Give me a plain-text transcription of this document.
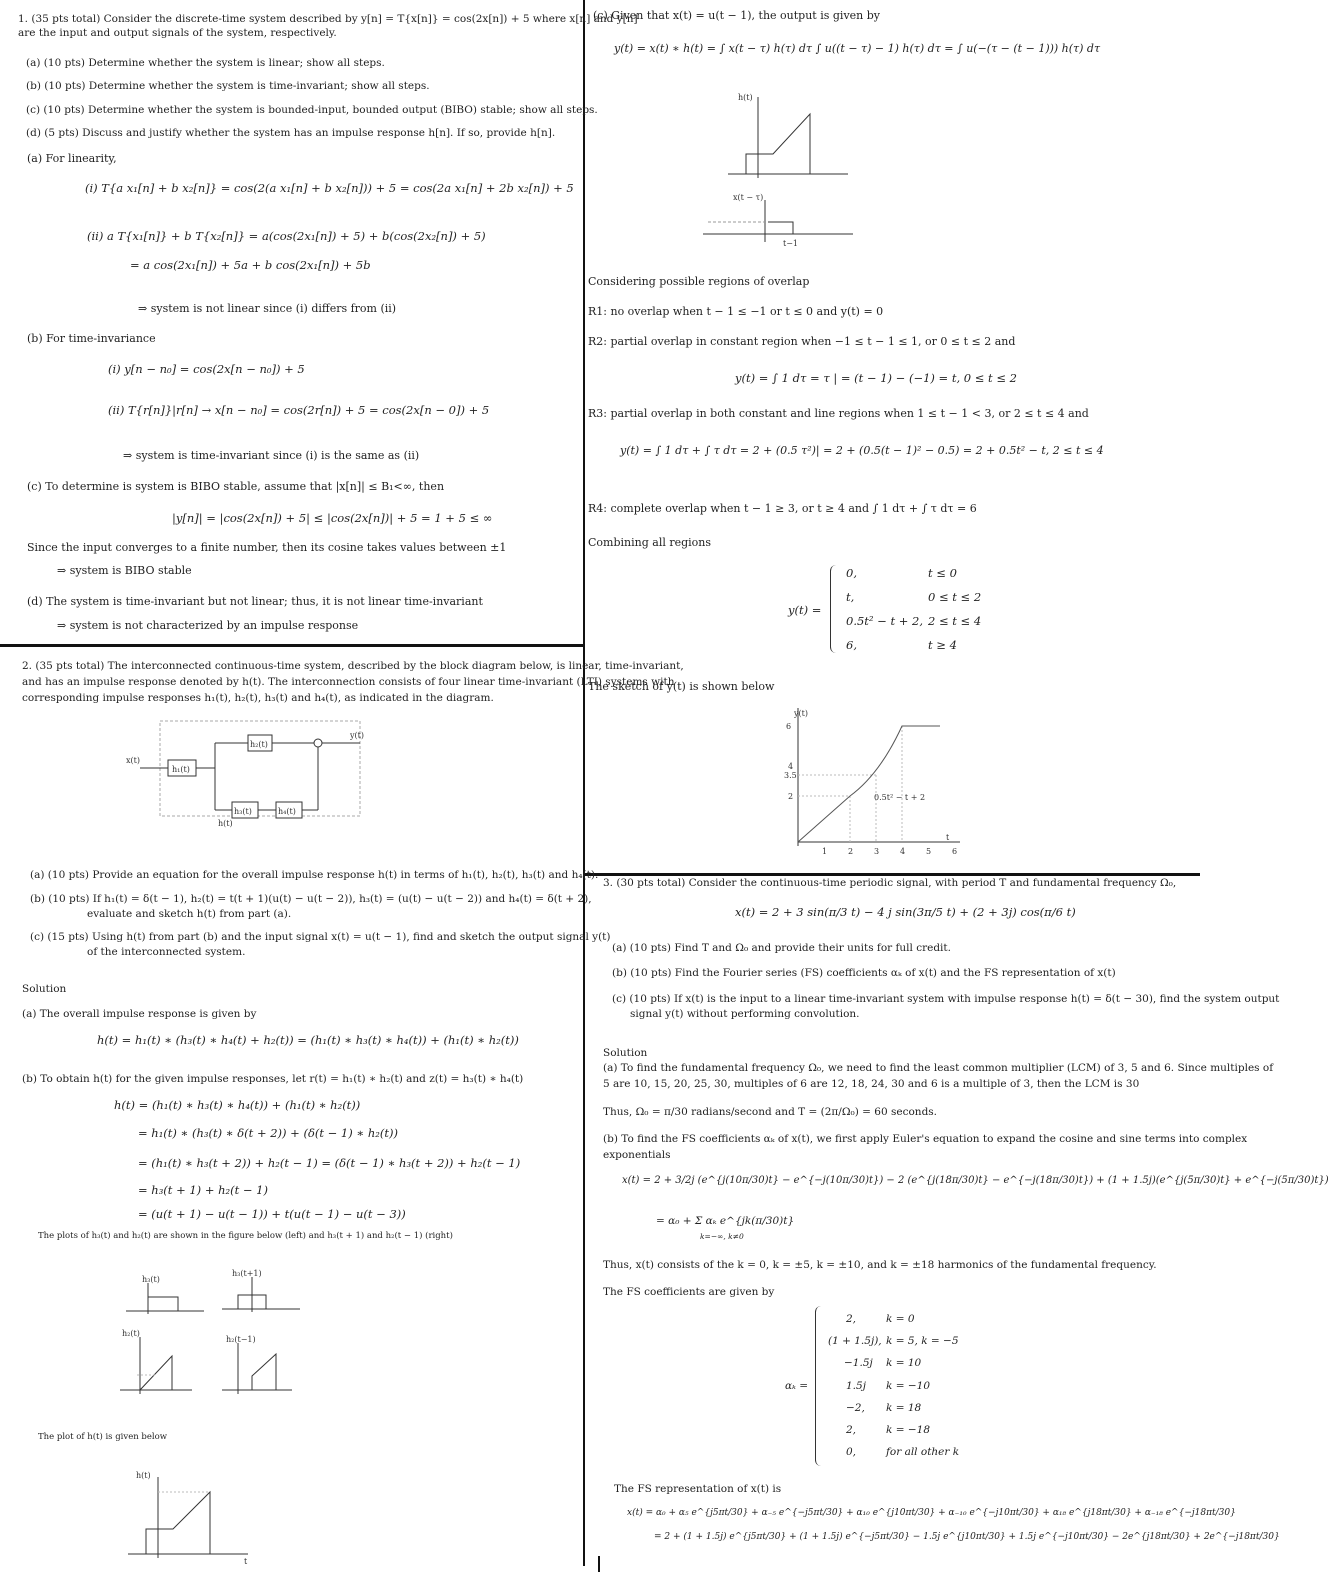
1. (35 pts total) Consider the discrete-time system described by y[n] = T{x[n]} = cos(2x[n]) + 5 where x[n] and y[n]
are the input and output signals of the system, respectively.
(a) (10 pts) Determine whether the system is linear; show all steps.
(b) (10 pts) Determine whether the system is time-invariant; show all steps.
(c) (10 pts) Determine whether the system is bounded-input, bounded output (BIBO) stable; show all steps.
(d) (5 pts) Discuss and justify whether the system has an impulse response h[n]. If so, provide h[n].
(a) For linearity,
(i) T{a x₁[n] + b x₂[n]} = cos(2(a x₁[n] + b x₂[n])) + 5 = cos(2a x₁[n] + 2b x₂[n]) + 5
(ii) a T{x₁[n]} + b T{x₂[n]} = a(cos(2x₁[n]) + 5) + b(cos(2x₂[n]) + 5)
= a cos(2x₁[n]) + 5a + b cos(2x₁[n]) + 5b
⇒ system is not linear since (i) differs from (ii)
(b) For time-invariance
(i) y[n − n₀] = cos(2x[n − n₀]) + 5
(ii) T{r[n]}|r[n] → x[n − n₀] = cos(2r[n]) + 5 = cos(2x[n − 0]) + 5
⇒ system is time-invariant since (i) is the same as (ii)
(c) To determine is system is BIBO stable, assume that |x[n]| ≤ B₁<∞, then
|y[n]| = |cos(2x[n]) + 5| ≤ |cos(2x[n])| + 5 = 1 + 5 ≤ ∞
Since the input converges to a finite number, then its cosine takes values between ±1
⇒ system is BIBO stable
(d) The system is time-invariant but not linear; thus, it is not linear time-invariant
⇒ system is not characterized by an impulse response
2. (35 pts total) The interconnected continuous-time system, described by the block diagram below, is linear, time-invariant,
and has an impulse response denoted by h(t). The interconnection consists of four linear time-invariant (LTI) systems with
corresponding impulse responses h₁(t), h₂(t), h₃(t) and h₄(t), as indicated in the diagram.
x(t)
y(t)
h₁(t)
h₂(t)
h₃(t)	h₄(t)
h(t)
(a) (10 pts) Provide an equation for the overall impulse response h(t) in terms of h₁(t), h₂(t), h₃(t) and h₄(t).
(b) (10 pts) If h₁(t) = δ(t − 1), h₂(t) = t(t + 1)(u(t) − u(t − 2)), h₃(t) = (u(t) − u(t − 2)) and h₄(t) = δ(t + 2),
evaluate and sketch h(t) from part (a).
(c) (15 pts) Using h(t) from part (b) and the input signal x(t) = u(t − 1), find and sketch the output signal y(t)
of the interconnected system.
Solution
(a) The overall impulse response is given by
h(t) = h₁(t) ∗ (h₃(t) ∗ h₄(t) + h₂(t)) = (h₁(t) ∗ h₃(t) ∗ h₄(t)) + (h₁(t) ∗ h₂(t))
(b) To obtain h(t) for the given impulse responses, let r(t) = h₁(t) ∗ h₂(t) and z(t) = h₃(t) ∗ h₄(t)
h(t) = (h₁(t) ∗ h₃(t) ∗ h₄(t)) + (h₁(t) ∗ h₂(t))
= h₁(t) ∗ (h₃(t) ∗ δ(t + 2)) + (δ(t − 1) ∗ h₂(t))
= (h₁(t) ∗ h₃(t + 2)) + h₂(t − 1) = (δ(t − 1) ∗ h₃(t + 2)) + h₂(t − 1)
= h₃(t + 1) + h₂(t − 1)
= (u(t + 1) − u(t − 1)) + t(u(t − 1) − u(t − 3))
The plots of h₃(t) and h₂(t) are shown in the figure below (left) and h₃(t + 1) and h₂(t − 1) (right)
h₃(t)
h₃(t+1)
h₂(t)
h₂(t−1)
The plot of h(t) is given below
h(t)
t
(c) Given that x(t) = u(t − 1), the output is given by
y(t) = x(t) ∗ h(t) = ∫ x(t − τ) h(τ) dτ ∫ u((t − τ) − 1) h(τ) dτ = ∫ u(−(τ − (t − 1))) h(τ) dτ
h(t)
x(t − τ)
t−1
Considering possible regions of overlap
R1: no overlap when t − 1 ≤ −1 or t ≤ 0 and y(t) = 0
R2: partial overlap in constant region when −1 ≤ t − 1 ≤ 1, or 0 ≤ t ≤ 2 and
y(t) = ∫ 1 dτ = τ | = (t − 1) − (−1) = t, 0 ≤ t ≤ 2
R3: partial overlap in both constant and line regions when 1 ≤ t − 1 < 3, or 2 ≤ t ≤ 4 and
y(t) = ∫ 1 dτ + ∫ τ dτ = 2 + (0.5 τ²)| = 2 + (0.5(t − 1)² − 0.5) = 2 + 0.5t² − t, 2 ≤ t ≤ 4
R4: complete overlap when t − 1 ≥ 3, or t ≥ 4 and ∫ 1 dτ + ∫ τ dτ = 6
Combining all regions
y(t) =
0,	t ≤ 0
t,	0 ≤ t ≤ 2
0.5t² − t + 2, 2 ≤ t ≤ 4
6,	t ≥ 4
The sketch of y(t) is shown below
y(t)
0.5t² − t + 2
t
6
4
3.5
2
1	2	3	4	5	6
3. (30 pts total) Consider the continuous-time periodic signal, with period T and fundamental frequency Ω₀,
x(t) = 2 + 3 sin(π/3 t) − 4 j sin(3π/5 t) + (2 + 3j) cos(π/6 t)
(a) (10 pts) Find T and Ω₀ and provide their units for full credit.
(b) (10 pts) Find the Fourier series (FS) coefficients αₖ of x(t) and the FS representation of x(t)
(c) (10 pts) If x(t) is the input to a linear time-invariant system with impulse response h(t) = δ(t − 30), find the system output
signal y(t) without performing convolution.
Solution
(a) To find the fundamental frequency Ω₀, we need to find the least common multiplier (LCM) of 3, 5 and 6. Since multiples of
5 are 10, 15, 20, 25, 30, multiples of 6 are 12, 18, 24, 30 and 6 is a multiple of 3, then the LCM is 30
Thus, Ω₀ = π/30 radians/second and T = (2π/Ω₀) = 60 seconds.
(b) To find the FS coefficients αₖ of x(t), we first apply Euler's equation to expand the cosine and sine terms into complex
exponentials
x(t) = 2 + 3/2j (e^{j(10π/30)t} − e^{−j(10π/30)t}) − 2 (e^{j(18π/30)t} − e^{−j(18π/30)t}) + (1 + 1.5j)(e^{j(5π/30)t} + e^{−j(5π/30)t})
= α₀ + Σ αₖ e^{jk(π/30)t}
k=−∞, k≠0
Thus, x(t) consists of the k = 0, k = ±5, k = ±10, and k = ±18 harmonics of the fundamental frequency.
The FS coefficients are given by
αₖ =
2,	k = 0
(1 + 1.5j), k = 5, k = −5
−1.5j k = 10
1.5j k = −10
−2, k = 18
2,	k = −18
0,	for all other k
The FS representation of x(t) is
x(t) = α₀ + α₅ e^{j5πt/30} + α₋₅ e^{−j5πt/30} + α₁₀ e^{j10πt/30} + α₋₁₀ e^{−j10πt/30} + α₁₈ e^{j18πt/30} + α₋₁₈ e^{−j18πt/30}
= 2 + (1 + 1.5j) e^{j5πt/30} + (1 + 1.5j) e^{−j5πt/30} − 1.5j e^{j10πt/30} + 1.5j e^{−j10πt/30} − 2e^{j18πt/30} + 2e^{−j18πt/30}
